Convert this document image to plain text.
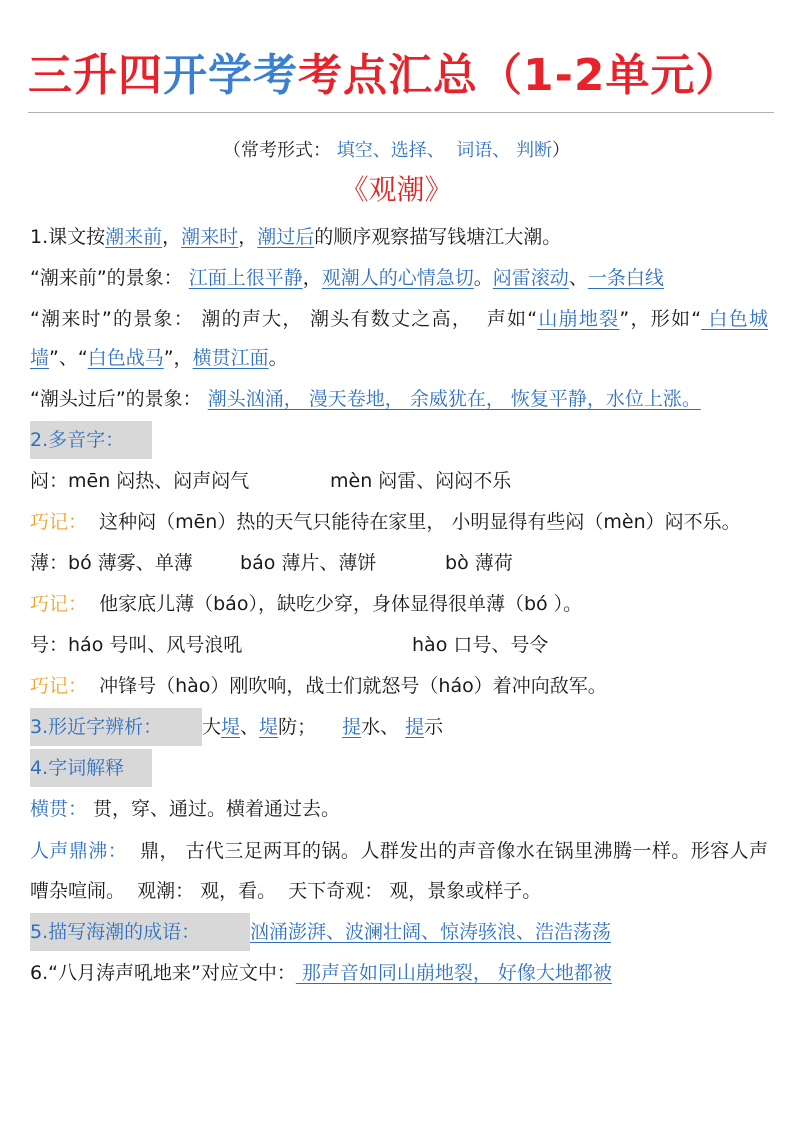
三升四开学考考点汇总（1-2单元）
（常考形式： 填空、选择、  词语、 判断）
《观潮》

1.课文按潮来前，潮来时，潮过后的顺序观察描写钱塘江大潮。

“潮来前”的景象： 江面上很平静，观潮人的心情急切。闷雷滚动、一条白线

“潮来时”的景象： 潮的声大， 潮头有数丈之高，  声如“山崩地裂”，形如“ 白色城墙”、“白色战马”，横贯江面。

“潮头过后”的景象： 潮头汹涌， 漫天卷地， 余威犹在， 恢复平静，水位上涨。

2.多音字：

闷：mēn 闷热、闷声闷气	mèn 闷雷、闷闷不乐

巧记： 这种闷（mēn）热的天气只能待在家里， 小明显得有些闷（mèn）闷不乐。

薄：bó 薄雾、单薄 báo 薄片、薄饼	bò 薄荷

巧记： 他家底儿薄（báo），缺吃少穿，身体显得很单薄（bó ）。

号：háo 号叫、风号浪吼	hào 口号、号令

巧记： 冲锋号（hào）刚吹响，战士们就怒号（háo）着冲向敌军。

3.形近字辨析： 大堤、堤防； 提水、 提示

4.字词解释

横贯： 贯，穿、通过。横着通过去。

人声鼎沸：  鼎， 古代三足两耳的锅。人群发出的声音像水在锅里沸腾一样。形容人声嘈杂喧闹。  观潮： 观，看。  天下奇观： 观，景象或样子。

5.描写海潮的成语：	汹涌澎湃、波澜壮阔、惊涛骇浪、浩浩荡荡

6.“八月涛声吼地来”对应文中： 那声音如同山崩地裂， 好像大地都被
